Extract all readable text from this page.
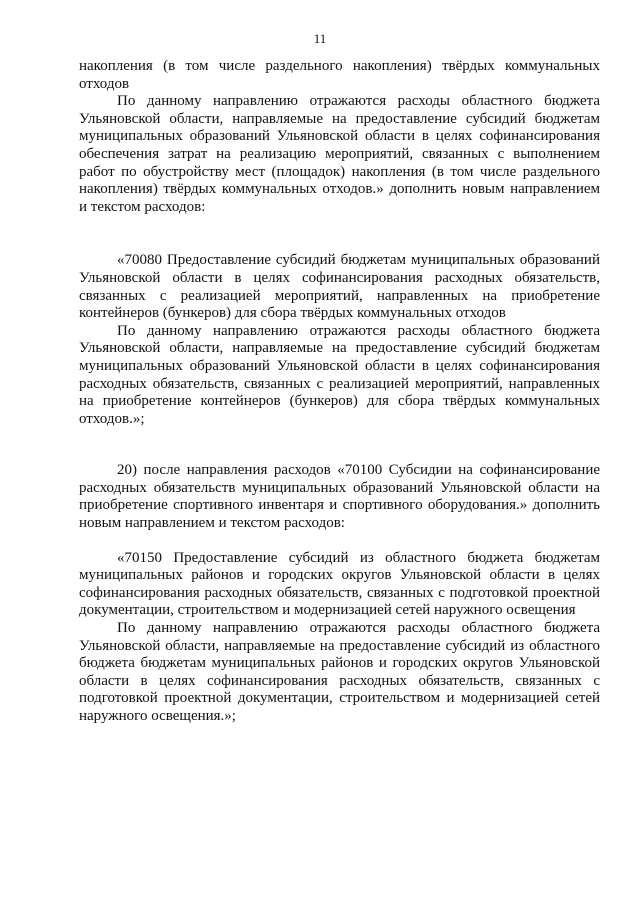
11

накопления (в том числе раздельного накопления) твёрдых коммунальных отходов

По данному направлению отражаются расходы областного бюджета Ульяновской области, направляемые на предоставление субсидий бюджетам муниципальных образований Ульяновской области в целях софинансирования обеспечения затрат на реализацию мероприятий, связанных с выполнением работ по обустройству мест (площадок) накопления (в том числе раздельного накопления) твёрдых коммунальных отходов.» дополнить новым направлением и текстом расходов:

«70080 Предоставление субсидий бюджетам муниципальных образований Ульяновской области в целях софинансирования расходных обязательств, связанных с реализацией мероприятий, направленных на приобретение контейнеров (бункеров) для сбора твёрдых коммунальных отходов

По данному направлению отражаются расходы областного бюджета Ульяновской области, направляемые на предоставление субсидий бюджетам муниципальных образований Ульяновской области в целях софинансирования расходных обязательств, связанных с реализацией мероприятий, направленных на приобретение контейнеров (бункеров) для сбора твёрдых коммунальных отходов.»;

20) после направления расходов «70100 Субсидии на софинансирование расходных обязательств муниципальных образований Ульяновской области на приобретение спортивного инвентаря и спортивного оборудования.» дополнить новым направлением и текстом расходов:

«70150 Предоставление субсидий из областного бюджета бюджетам муниципальных районов и городских округов Ульяновской области в целях софинансирования расходных обязательств, связанных с подготовкой проектной документации, строительством и модернизацией сетей наружного освещения

По данному направлению отражаются расходы областного бюджета Ульяновской области, направляемые на предоставление субсидий из областного бюджета бюджетам муниципальных районов и городских округов Ульяновской области в целях софинансирования расходных обязательств, связанных с подготовкой проектной документации, строительством и модернизацией сетей наружного освещения.»;
